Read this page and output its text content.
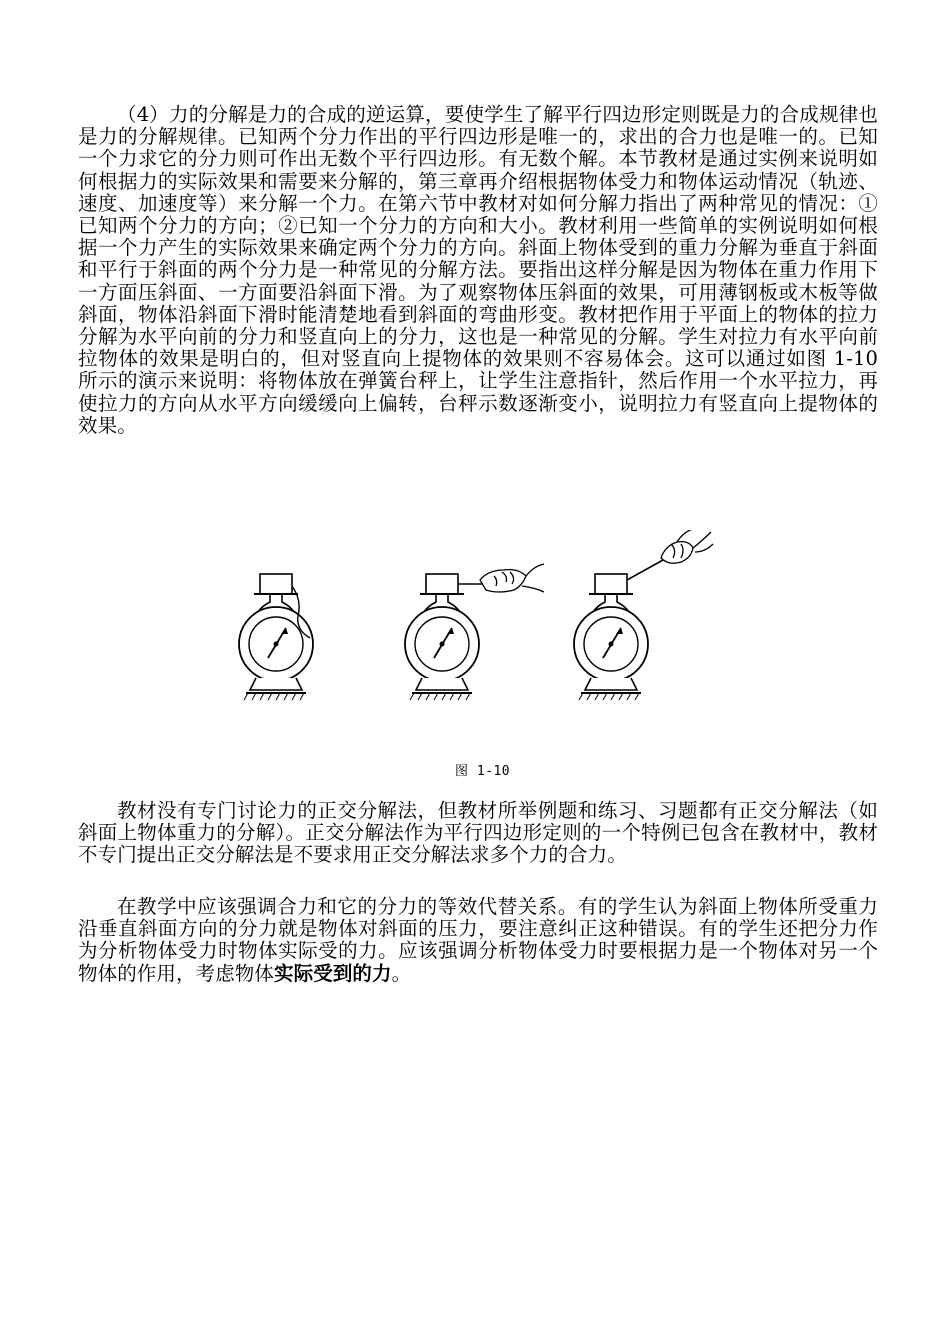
（4）力的分解是力的合成的逆运算，要使学生了解平行四边形定则既是力的合成规律也是力的分解规律。已知两个分力作出的平行四边形是唯一的，求出的合力也是唯一的。已知一个力求它的分力则可作出无数个平行四边形。有无数个解。本节教材是通过实例来说明如何根据力的实际效果和需要来分解的，第三章再介绍根据物体受力和物体运动情况（轨迹、速度、加速度等）来分解一个力。在第六节中教材对如何分解力指出了两种常见的情况：①已知两个分力的方向；②已知一个分力的方向和大小。教材利用一些简单的实例说明如何根据一个力产生的实际效果来确定两个分力的方向。斜面上物体受到的重力分解为垂直于斜面和平行于斜面的两个分力是一种常见的分解方法。要指出这样分解是因为物体在重力作用下一方面压斜面、一方面要沿斜面下滑。为了观察物体压斜面的效果，可用薄钢板或木板等做斜面，物体沿斜面下滑时能清楚地看到斜面的弯曲形变。教材把作用于平面上的物体的拉力分解为水平向前的分力和竖直向上的分力，这也是一种常见的分解。学生对拉力有水平向前拉物体的效果是明白的，但对竖直向上提物体的效果则不容易体会。这可以通过如图 1-10 所示的演示来说明：将物体放在弹簧台秤上，让学生注意指针，然后作用一个水平拉力，再使拉力的方向从水平方向缓缓向上偏转，台秤示数逐渐变小，说明拉力有竖直向上提物体的效果。

图 1-10

教材没有专门讨论力的正交分解法，但教材所举例题和练习、习题都有正交分解法（如斜面上物体重力的分解）。正交分解法作为平行四边形定则的一个特例已包含在教材中，教材不专门提出正交分解法是不要求用正交分解法求多个力的合力。

在教学中应该强调合力和它的分力的等效代替关系。有的学生认为斜面上物体所受重力沿垂直斜面方向的分力就是物体对斜面的压力，要注意纠正这种错误。有的学生还把分力作为分析物体受力时物体实际受的力。应该强调分析物体受力时要根据力是一个物体对另一个物体的作用，考虑物体实际受到的力。
